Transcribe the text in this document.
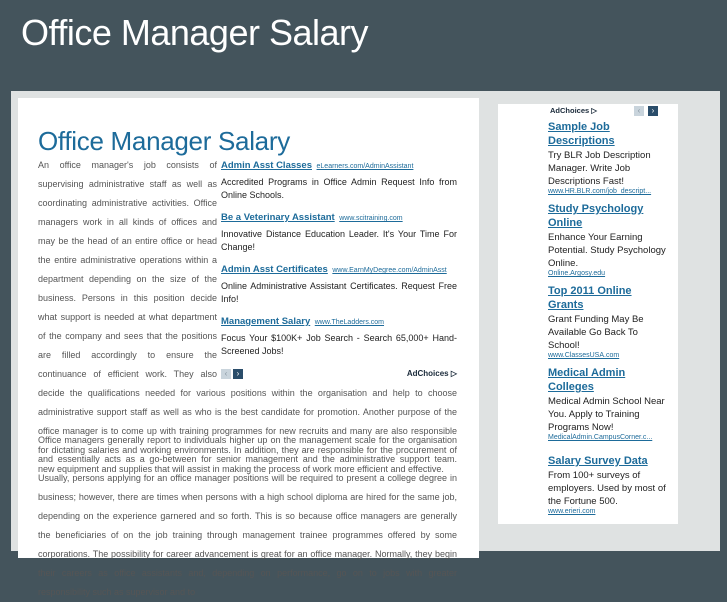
Office Manager Salary
Office Manager Salary
Admin Asst Classes eLearners.com/AdminAssistant
Accredited Programs in Office Admin Request Info from Online Schools.
Be a Veterinary Assistant www.scitraining.com
Innovative Distance Education Leader. It's Your Time For Change!
Admin Asst Certificates www.EarnMyDegree.com/AdminAsst
Online Administrative Assistant Certificates. Request Free Info!
Management Salary www.TheLadders.com
Focus Your $100K+ Job Search - Search 65,000+ Hand-Screened Jobs!
‹ ›	AdChoices ▷
An office manager's job consists of supervising administrative staff as well as coordinating administrative activities. Office managers work in all kinds of offices and may be the head of an entire office or head the entire administrative operations within a department depending on the size of the business. Persons in this position decide what support is needed at what department of the company and sees that the positions are filled accordingly to ensure the continuance of efficient work. They also decide the qualifications needed for various positions within the organisation and help to choose administrative support staff as well as who is the best candidate for promotion. Another purpose of the office manager is to come up with training programmes for new recruits and many are also responsible for dictating salaries and working environments. In addition, they are responsible for the procurement of new equipment and supplies that will assist in making the process of work more efficient and effective.

Office managers generally report to individuals higher up on the management scale for the organisation and essentially acts as a go-between for senior management and the administrative support team. Usually, persons applying for an office manager positions will be required to present a college degree in business; however, there are times when persons with a high school diploma are hired for the same job, depending on the experience garnered and so forth. This is so because office managers are generally the beneficiaries of on the job training through management trainee programmes offered by some corporations. The possibility for career advancement is great for an office manager. Normally, they begin their careers as office assistants and, depending on performance, go on to jobs with greater responsibility such as supervisor and to

AdChoices ▷	‹	›
Sample Job Descriptions
Try BLR Job Description Manager. Write Job Descriptions Fast!
www.HR.BLR.com/job_descript...
Study Psychology Online
Enhance Your Earning Potential. Study Psychology Online.
Online.Argosy.edu
Top 2011 Online Grants
Grant Funding May Be Available Go Back To School!
www.ClassesUSA.com
Medical Admin Colleges
Medical Admin School Near You. Apply to Training Programs Now!
MedicalAdmin.CampusCorner.c...
Salary Survey Data
From 100+ surveys of employers. Used by most of the Fortune 500.
www.erieri.com
